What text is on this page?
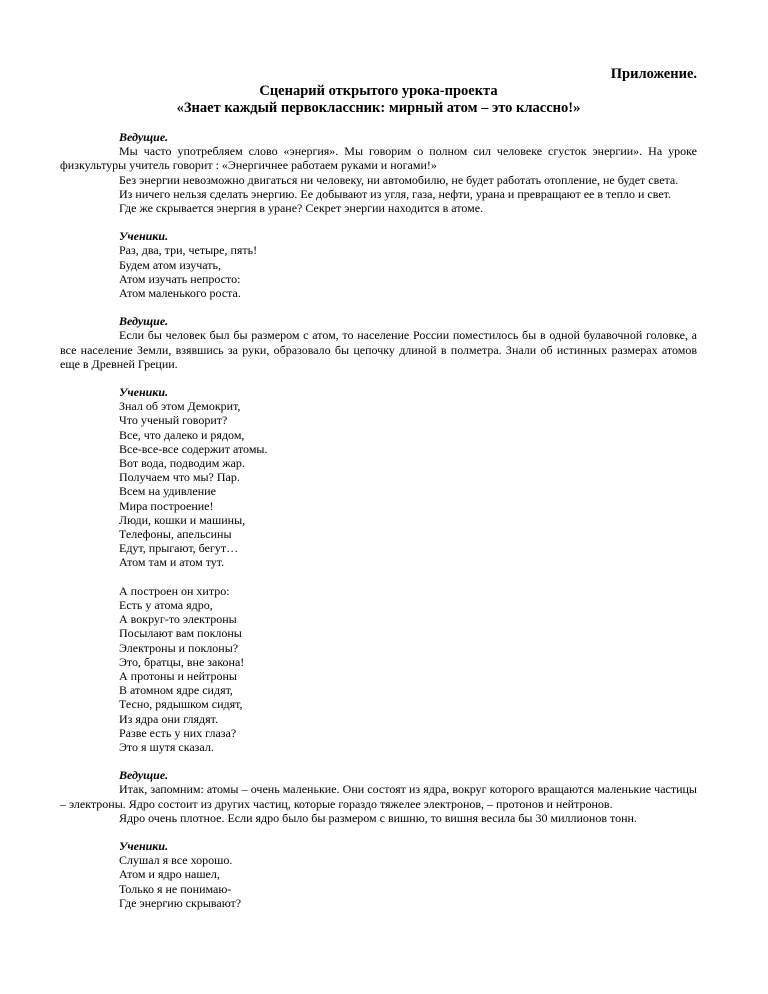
Приложение.
Сценарий открытого урока-проекта
«Знает каждый первоклассник: мирный атом – это классно!»
Ведущие.

Мы часто употребляем слово «энергия». Мы говорим о полном сил человеке сгусток энергии». На уроке физкультуры учитель говорит : «Энергичнее работаем руками и ногами!»

Без энергии невозможно двигаться ни человеку, ни автомобилю, не будет работать отопление, не будет света.

Из ничего нельзя сделать энергию. Ее добывают из угля, газа, нефти, урана и превращают ее в тепло и свет.

Где же скрывается энергия в уране? Секрет энергии находится в атоме.

Ученики.
Раз, два, три, четыре, пять!
Будем атом изучать,
Атом изучать непросто:
Атом маленького роста.
Ведущие.

Если бы человек был бы размером с атом, то население России поместилось бы в одной булавочной головке, а все население Земли, взявшись за руки, образовало бы цепочку длиной в полметра. Знали об истинных размерах атомов еще в Древней Греции.

Ученики.
Знал об этом Демокрит,
Что ученый говорит?
Все, что далеко и рядом,
Все-все-все содержит атомы.
Вот вода, подводим жар.
Получаем что мы? Пар.
Всем на удивление
Мира построение!
Люди, кошки и машины,
Телефоны, апельсины
Едут, прыгают, бегут…
Атом там и атом тут.
А построен он хитро:
Есть у атома ядро,
А вокруг-то электроны
Посылают вам поклоны
Электроны и поклоны?
Это, братцы, вне закона!
А протоны и нейтроны
В атомном ядре сидят,
Тесно, рядышком сидят,
Из ядра они глядят.
Разве есть у них глаза?
Это я шутя сказал.
Ведущие.

Итак, запомним: атомы – очень маленькие. Они состоят из ядра, вокруг которого вращаются маленькие частицы – электроны. Ядро состоит из других частиц, которые гораздо тяжелее электронов, – протонов и нейтронов.

Ядро очень плотное. Если ядро было бы размером с вишню, то вишня весила бы 30 миллионов тонн.

Ученики.
Слушал я все хорошо.
Атом и ядро нашел,
Только я не понимаю-
Где энергию скрывают?
